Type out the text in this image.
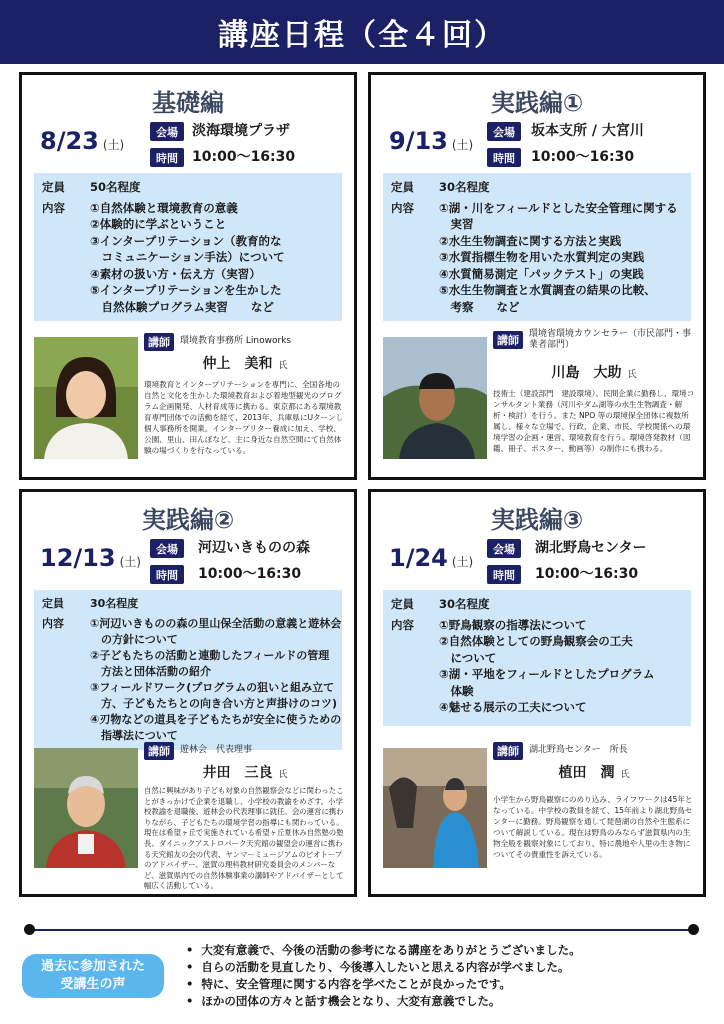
講座日程（全４回）
基礎編
8/23 (土)
会場	淡海環境プラザ
時間	10:00〜16:30
定員	50名程度
内容	①自然体験と環境教育の意義
②体験的に学ぶということ
③インタープリテーション（教育的な
　コミュニケーション手法）について
④素材の扱い方・伝え方（実習）
⑤インタープリテーションを生かした
　自然体験プログラム実習　　など
講師	環境教育事務所 Linoworks
仲上　美和 氏
環境教育とインタープリテーションを専門に、全国各地の自然と文化を生かした環境教育および着地型観光のプログラム企画開発、人材育成等に携わる。東京都にある環境教育専門団体での活動を経て、2013年、兵庫県にUターンし個人事務所を開業。インタープリター養成に加え、学校、公園、里山、田んぼなど、主に身近な自然空間にて自然体験の場づくりを行なっている。
実践編①
9/13 (土)
会場	坂本支所 / 大宮川
時間	10:00〜16:30
定員	30名程度
内容	①湖・川をフィールドとした安全管理に関する
　実習
②水生生物調査に関する方法と実践
③水質指標生物を用いた水質判定の実践
④水質簡易測定「パックテスト」の実践
⑤水生生物調査と水質調査の結果の比較、
　考察　　など
講師	環境省環境カウンセラー（市民部門・事業者部門）
川島　大助 氏
技術士（建設部門　建設環境）。民間企業に勤務し、環境コンサルタント業務（河川やダム湖等の水生生物調査・解析・検討）を行う。また NPO 等の環境保全団体に複数所属し、様々な立場で、行政、企業、市民、学校関係への環境学習の企画・運営、環境教育を行う。環境啓発教材（図鑑、冊子、ポスター、動画等）の制作にも携わる。
実践編②
12/13 (土)
会場	河辺いきものの森
時間	10:00〜16:30
定員	30名程度
内容	①河辺いきものの森の里山保全活動の意義と遊林会
　の方針について
②子どもたちの活動と連動したフィールドの管理
　方法と団体活動の紹介
③フィールドワーク(プログラムの狙いと組み立て
　方、子どもたちとの向き合い方と声掛けのコツ)
④刃物などの道具を子どもたちが安全に使うための
　指導法について
講師	遊林会　代表理事
井田　三良 氏
自然に興味があり子ども対象の自然観察会などに関わったことがきっかけで企業を退職し、小学校の教諭をめざす。小学校教諭を退職後、遊林会の代表理事に就任。会の運営に携わりながら、子どもたちの環境学習の指導にも関わっている。現在は希望ヶ丘で実施されている希望ヶ丘夏休み自然塾の塾長、ダイニックアストロパーク天究館の観望会の運営に携わる天究館友の会の代表、ヤンマーミュージアムのビオトープのアドバイザー、滋賀の理科教材研究委員会のメンバーなど、滋賀県内での自然体験事業の講師やアドバイザーとして幅広く活動している。
実践編③
1/24 (土)
会場	湖北野鳥センター
時間	10:00〜16:30
定員	30名程度
内容	①野鳥観察の指導法について
②自然体験としての野鳥観察会の工夫
　について
③湖・平地をフィールドとしたプログラム
　体験
④魅せる展示の工夫について
講師	湖北野鳥センター　所長
植田　潤 氏
小学生から野鳥観察にのめり込み、ライフワークは45年となっている。中学校の教員を経て、15年前より湖北野鳥センターに勤務。野鳥観察を通して琵琶湖の自然や生態系について解説している。現在は野鳥のみならず滋賀県内の生物全般を観察対象にしており、特に農地や人里の生き物についてその貴重性を訴えている。
過去に参加された
受講生の声
• 大変有意義で、今後の活動の参考になる講座をありがとうございました。
• 自らの活動を見直したり、今後導入したいと思える内容が学べました。
• 特に、安全管理に関する内容を学べたことが良かったです。
• ほかの団体の方々と話す機会となり、大変有意義でした。
